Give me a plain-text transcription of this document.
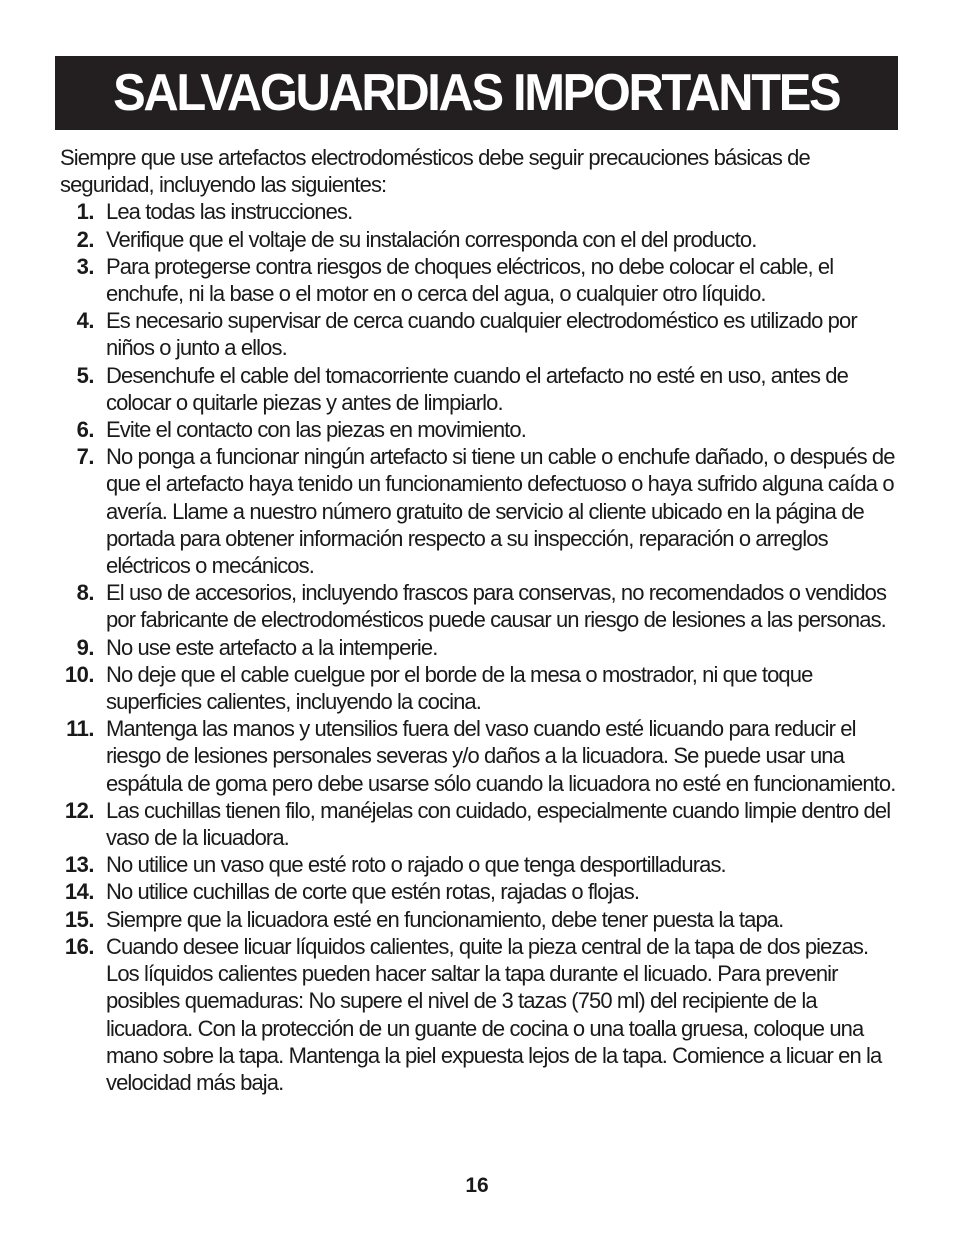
SALVAGUARDIAS IMPORTANTES

Siempre que use artefactos electrodomésticos debe seguir precauciones básicas de seguridad, incluyendo las siguientes:

1. Lea todas las instrucciones.
2. Verifique que el voltaje de su instalación corresponda con el del producto.
3. Para protegerse contra riesgos de choques eléctricos, no debe colocar el cable, el enchufe, ni la base o el motor en o cerca del agua, o cualquier otro líquido.
4. Es necesario supervisar de cerca cuando cualquier electrodoméstico es utilizado por niños o junto a ellos.
5. Desenchufe el cable del tomacorriente cuando el artefacto no esté en uso, antes de colocar o quitarle piezas y antes de limpiarlo.
6. Evite el contacto con las piezas en movimiento.
7. No ponga a funcionar ningún artefacto si tiene un cable o enchufe dañado, o después de que el artefacto haya tenido un funcionamiento defectuoso o haya sufrido alguna caída o avería. Llame a nuestro número gratuito de servicio al cliente ubicado en la página de portada para obtener información respecto a su inspección, reparación o arreglos eléctricos o mecánicos.
8. El uso de accesorios, incluyendo frascos para conservas, no recomendados o vendidos por fabricante de electrodomésticos puede causar un riesgo de lesiones a las personas.
9. No use este artefacto a la intemperie.
10. No deje que el cable cuelgue por el borde de la mesa o mostrador, ni que toque superficies calientes, incluyendo la cocina.
11. Mantenga las manos y utensilios fuera del vaso cuando esté licuando para reducir el riesgo de lesiones personales severas y/o daños a la licuadora. Se puede usar una espátula de goma pero debe usarse sólo cuando la licuadora no esté en funcionamiento.
12. Las cuchillas tienen filo, manéjelas con cuidado, especialmente cuando limpie dentro del vaso de la licuadora.
13. No utilice un vaso que esté roto o rajado o que tenga desportilladuras.
14. No utilice cuchillas de corte que estén rotas, rajadas o flojas.
15. Siempre que la licuadora esté en funcionamiento, debe tener puesta la tapa.
16. Cuando desee licuar líquidos calientes, quite la pieza central de la tapa de dos piezas. Los líquidos calientes pueden hacer saltar la tapa durante el licuado. Para prevenir posibles quemaduras: No supere el nivel de 3 tazas (750 ml) del recipiente de la licuadora. Con la protección de un guante de cocina o una toalla gruesa, coloque una mano sobre la tapa. Mantenga la piel expuesta lejos de la tapa. Comience a licuar en la velocidad más baja.
16
